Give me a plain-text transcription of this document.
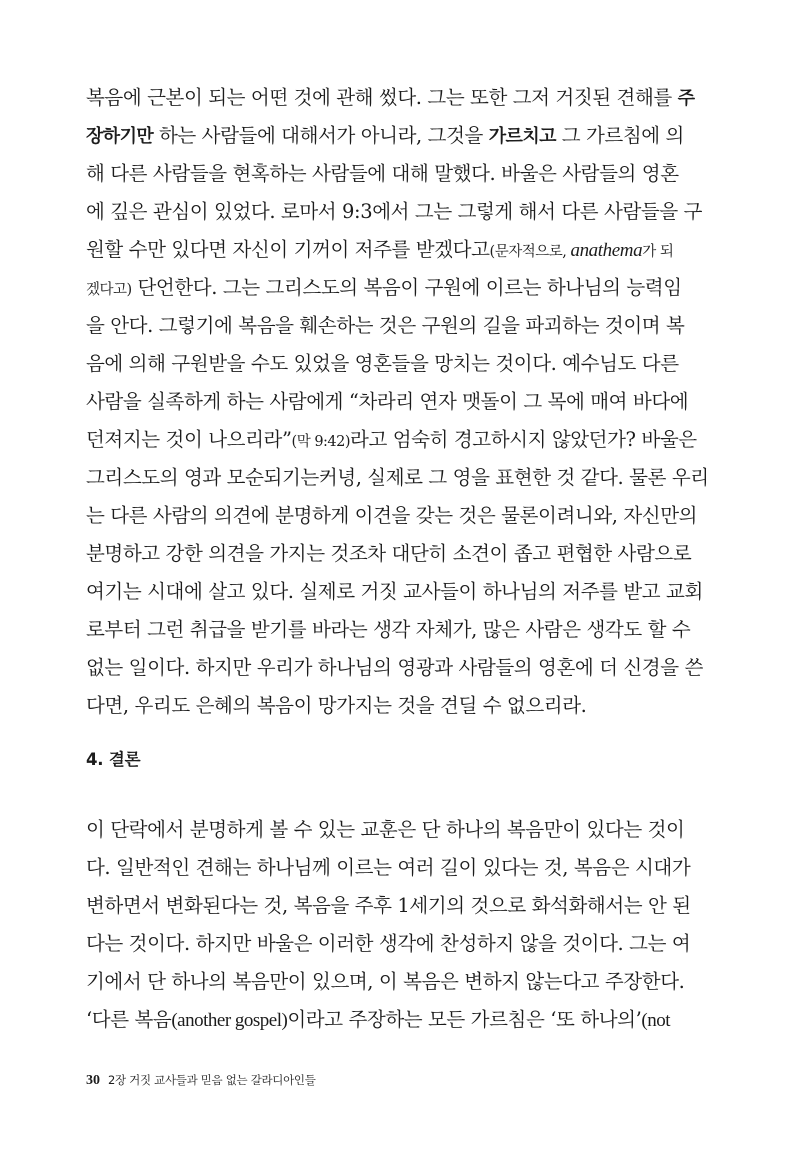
복음에 근본이 되는 어떤 것에 관해 썼다. 그는 또한 그저 거짓된 견해를 주
장하기만 하는 사람들에 대해서가 아니라, 그것을 가르치고 그 가르침에 의
해 다른 사람들을 현혹하는 사람들에 대해 말했다. 바울은 사람들의 영혼
에 깊은 관심이 있었다. 로마서 9:3에서 그는 그렇게 해서 다른 사람들을 구
원할 수만 있다면 자신이 기꺼이 저주를 받겠다고(문자적으로, anathema가 되
겠다고) 단언한다. 그는 그리스도의 복음이 구원에 이르는 하나님의 능력임
을 안다. 그렇기에 복음을 훼손하는 것은 구원의 길을 파괴하는 것이며 복
음에 의해 구원받을 수도 있었을 영혼들을 망치는 것이다. 예수님도 다른
사람을 실족하게 하는 사람에게 “차라리 연자 맷돌이 그 목에 매여 바다에
던져지는 것이 나으리라”(막 9:42)라고 엄숙히 경고하시지 않았던가? 바울은
그리스도의 영과 모순되기는커녕, 실제로 그 영을 표현한 것 같다. 물론 우리
는 다른 사람의 의견에 분명하게 이견을 갖는 것은 물론이려니와, 자신만의
분명하고 강한 의견을 가지는 것조차 대단히 소견이 좁고 편협한 사람으로
여기는 시대에 살고 있다. 실제로 거짓 교사들이 하나님의 저주를 받고 교회
로부터 그런 취급을 받기를 바라는 생각 자체가, 많은 사람은 생각도 할 수
없는 일이다. 하지만 우리가 하나님의 영광과 사람들의 영혼에 더 신경을 쓴
다면, 우리도 은혜의 복음이 망가지는 것을 견딜 수 없으리라.
4. 결론
이 단락에서 분명하게 볼 수 있는 교훈은 단 하나의 복음만이 있다는 것이
다. 일반적인 견해는 하나님께 이르는 여러 길이 있다는 것, 복음은 시대가
변하면서 변화된다는 것, 복음을 주후 1세기의 것으로 화석화해서는 안 된
다는 것이다. 하지만 바울은 이러한 생각에 찬성하지 않을 것이다. 그는 여
기에서 단 하나의 복음만이 있으며, 이 복음은 변하지 않는다고 주장한다.
‘다른 복음(another gospel)이라고 주장하는 모든 가르침은 ‘또 하나의’(not
30 2장 거짓 교사들과 믿음 없는 갈라디아인들
